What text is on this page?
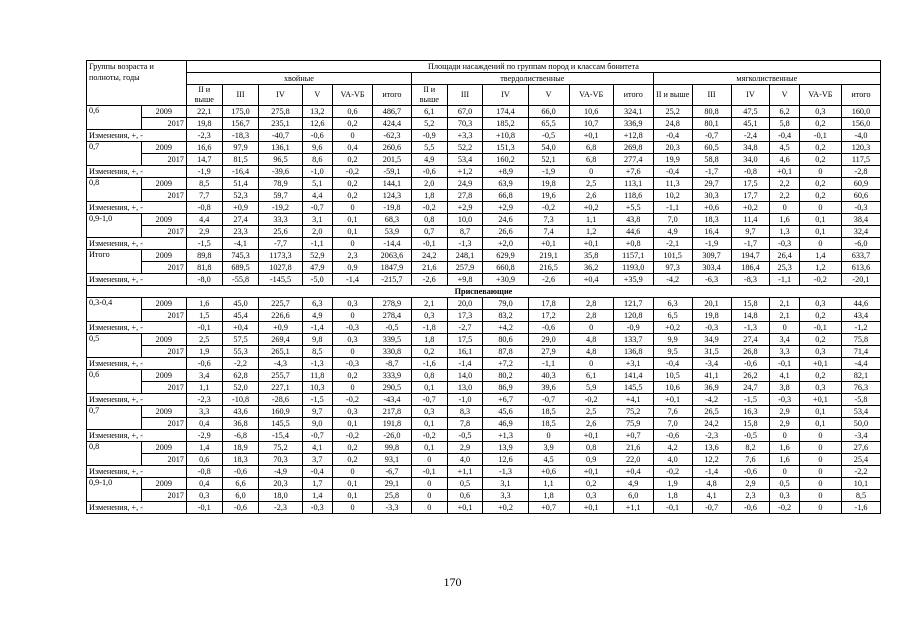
Группы возраста и полноты, годы		Площади насаждений по группам пород и классам бонитета																	
		хвойные						твердолиственные						мягколиственные					
		II и выше	III	IV	V	VA-VБ	итого	II и выше	III	IV	V	VA-VБ	итого	II и выше	III	IV	V	VA-VБ	итого
0,6	2009	22,1	175,0	275,8	13,2	0,6	486,7	6,1	67,0	174,4	66,0	10,6	324,1	25,2	80,8	47,5	6,2	0,3	160,0
	2017	19,8	156,7	235,1	12,6	0,2	424,4	5,2	70,3	185,2	65,5	10,7	336,9	24,8	80,1	45,1	5,8	0,2	156,0
Изменения, +, -		-2,3	-18,3	-40,7	-0,6	0	-62,3	-0,9	+3,3	+10,8	-0,5	+0,1	+12,8	-0,4	-0,7	-2,4	-0,4	-0,1	-4,0
0,7	2009	16,6	97,9	136,1	9,6	0,4	260,6	5,5	52,2	151,3	54,0	6,8	269,8	20,3	60,5	34,8	4,5	0,2	120,3
	2017	14,7	81,5	96,5	8,6	0,2	201,5	4,9	53,4	160,2	52,1	6,8	277,4	19,9	58,8	34,0	4,6	0,2	117,5
Изменения, +, -		-1,9	-16,4	-39,6	-1,0	-0,2	-59,1	-0,6	+1,2	+8,9	-1,9	0	+7,6	-0,4	-1,7	-0,8	+0,1	0	-2,8
0,8	2009	8,5	51,4	78,9	5,1	0,2	144,1	2,0	24,9	63,9	19,8	2,5	113,1	11,3	29,7	17,5	2,2	0,2	60,9
	2017	7,7	52,3	59,7	4,4	0,2	124,3	1,8	27,8	66,8	19,6	2,6	118,6	10,2	30,3	17,7	2,2	0,2	60,6
Изменения, +, -		-0,8	+0,9	-19,2	-0,7	0	-19,8	-0,2	+2,9	+2,9	-0,2	+0,2	+5,5	-1,1	+0,6	+0,2	0	0	-0,3
0,9-1,0	2009	4,4	27,4	33,3	3,1	0,1	68,3	0,8	10,0	24,6	7,3	1,1	43,8	7,0	18,3	11,4	1,6	0,1	38,4
	2017	2,9	23,3	25,6	2,0	0,1	53,9	0,7	8,7	26,6	7,4	1,2	44,6	4,9	16,4	9,7	1,3	0,1	32,4
Изменения, +, -		-1,5	-4,1	-7,7	-1,1	0	-14,4	-0,1	-1,3	+2,0	+0,1	+0,1	+0,8	-2,1	-1,9	-1,7	-0,3	0	-6,0
Итого	2009	89,8	745,3	1173,3	52,9	2,3	2063,6	24,2	248,1	629,9	219,1	35,8	1157,1	101,5	309,7	194,7	26,4	1,4	633,7
	2017	81,8	689,5	1027,8	47,9	0,9	1847,9	21,6	257,9	660,8	216,5	36,2	1193,0	97,3	303,4	186,4	25,3	1,2	613,6
Изменения, +, -		-8,0	-55,8	-145,5	-5,0	-1,4	-215,7	-2,6	+9,8	+30,9	-2,6	+0,4	+35,9	-4,2	-6,3	-8,3	-1,1	-0,2	-20,1
Приспевающие																			
0,3-0,4	2009	1,6	45,0	225,7	6,3	0,3	278,9	2,1	20,0	79,0	17,8	2,8	121,7	6,3	20,1	15,8	2,1	0,3	44,6
	2017	1,5	45,4	226,6	4,9	0	278,4	0,3	17,3	83,2	17,2	2,8	120,8	6,5	19,8	14,8	2,1	0,2	43,4
Изменения, +, -		-0,1	+0,4	+0,9	-1,4	-0,3	-0,5	-1,8	-2,7	+4,2	-0,6	0	-0,9	+0,2	-0,3	-1,3	0	-0,1	-1,2
0,5	2009	2,5	57,5	269,4	9,8	0,3	339,5	1,8	17,5	80,6	29,0	4,8	133,7	9,9	34,9	27,4	3,4	0,2	75,8
	2017	1,9	55,3	265,1	8,5	0	330,8	0,2	16,1	87,8	27,9	4,8	136,8	9,5	31,5	26,8	3,3	0,3	71,4
Изменения, +, -		-0,6	-2,2	-4,3	-1,3	-0,3	-8,7	-1,6	-1,4	+7,2	-1,1	0	+3,1	-0,4	-3,4	-0,6	-0,1	+0,1	-4,4
0,6	2009	3,4	62,8	255,7	11,8	0,2	333,9	0,8	14,0	80,2	40,3	6,1	141,4	10,5	41,1	26,2	4,1	0,2	82,1
	2017	1,1	52,0	227,1	10,3	0	290,5	0,1	13,0	86,9	39,6	5,9	145,5	10,6	36,9	24,7	3,8	0,3	76,3
Изменения, +, -		-2,3	-10,8	-28,6	-1,5	-0,2	-43,4	-0,7	-1,0	+6,7	-0,7	-0,2	+4,1	+0,1	-4,2	-1,5	-0,3	+0,1	-5,8
0,7	2009	3,3	43,6	160,9	9,7	0,3	217,8	0,3	8,3	45,6	18,5	2,5	75,2	7,6	26,5	16,3	2,9	0,1	53,4
	2017	0,4	36,8	145,5	9,0	0,1	191,8	0,1	7,8	46,9	18,5	2,6	75,9	7,0	24,2	15,8	2,9	0,1	50,0
Изменения, +, -		-2,9	-6,8	-15,4	-0,7	-0,2	-26,0	-0,2	-0,5	+1,3	0	+0,1	+0,7	-0,6	-2,3	-0,5	0	0	-3,4
0,8	2009	1,4	18,9	75,2	4,1	0,2	99,8	0,1	2,9	13,9	3,9	0,8	21,6	4,2	13,6	8,2	1,6	0	27,6
	2017	0,6	18,3	70,3	3,7	0,2	93,1	0	4,0	12,6	4,5	0,9	22,0	4,0	12,2	7,6	1,6	0	25,4
Изменения, +, -		-0,8	-0,6	-4,9	-0,4	0	-6,7	-0,1	+1,1	-1,3	+0,6	+0,1	+0,4	-0,2	-1,4	-0,6	0	0	-2,2
0,9-1,0	2009	0,4	6,6	20,3	1,7	0,1	29,1	0	0,5	3,1	1,1	0,2	4,9	1,9	4,8	2,9	0,5	0	10,1
	2017	0,3	6,0	18,0	1,4	0,1	25,8	0	0,6	3,3	1,8	0,3	6,0	1,8	4,1	2,3	0,3	0	8,5
Изменения, +, -		-0,1	-0,6	-2,3	-0,3	0	-3,3	0	+0,1	+0,2	+0,7	+0,1	+1,1	-0,1	-0,7	-0,6	-0,2	0	-1,6
170
